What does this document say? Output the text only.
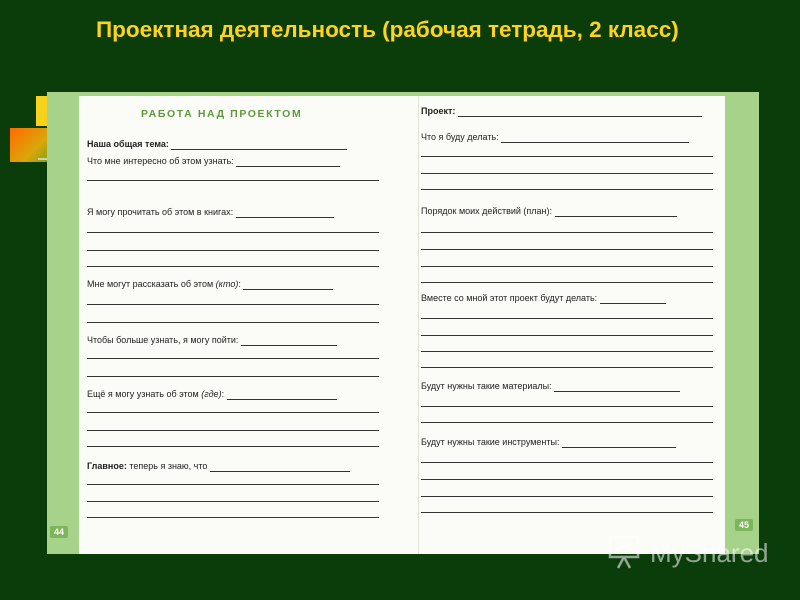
Проектная деятельность (рабочая тетрадь, 2 класс)
РАБОТА НАД ПРОЕКТОМ
Наша общая тема:
Что мне интересно об этом узнать:
Я могу прочитать об этом в книгах:
Мне могут рассказать об этом (кто):
Чтобы больше узнать, я могу пойти:
Ещё я могу узнать об этом (где):
Главное: теперь я знаю, что
Проект:
Что я буду делать:
Порядок моих действий (план):
Вместе со мной этот проект будут делать:
Будут нужны такие материалы:
Будут нужны такие инструменты:
44
45
MyShared
